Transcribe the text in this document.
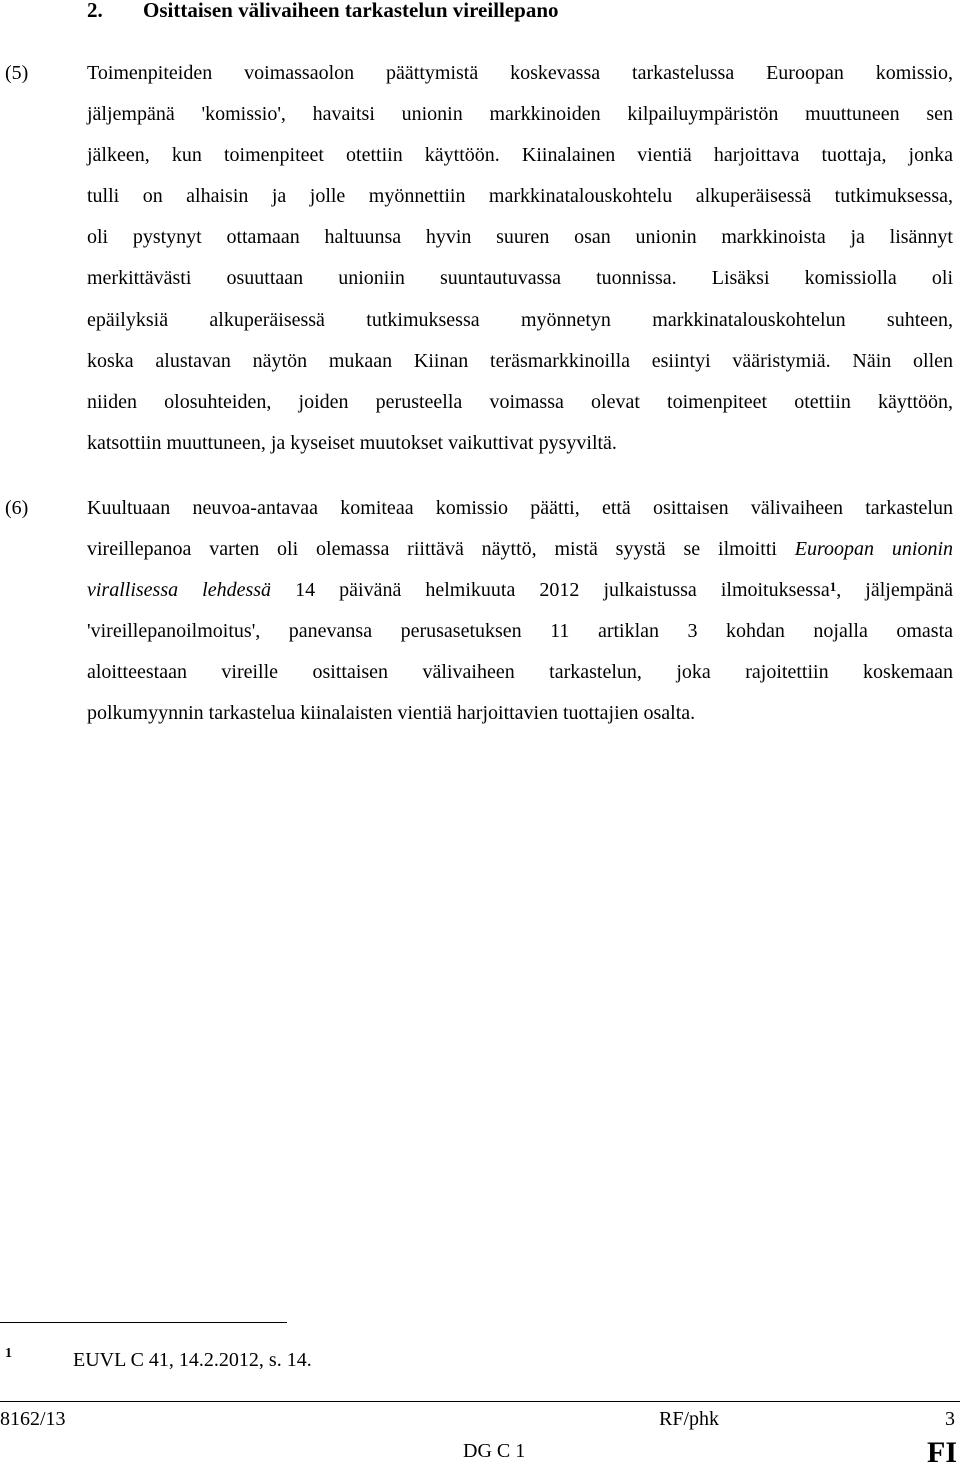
2. Osittaisen välivaiheen tarkastelun vireillepano
(5)	Toimenpiteiden voimassaolon päättymistä koskevassa tarkastelussa Euroopan komissio,
jäljempänä 'komissio', havaitsi unionin markkinoiden kilpailuympäristön muuttuneen sen
jälkeen, kun toimenpiteet otettiin käyttöön. Kiinalainen vientiä harjoittava tuottaja, jonka
tulli on alhaisin ja jolle myönnettiin markkinatalouskohtelu alkuperäisessä tutkimuksessa,
oli pystynyt ottamaan haltuunsa hyvin suuren osan unionin markkinoista ja lisännyt
merkittävästi osuuttaan unioniin suuntautuvassa tuonnissa. Lisäksi komissiolla oli
epäilyksiä alkuperäisessä tutkimuksessa myönnetyn markkinatalouskohtelun suhteen,
koska alustavan näytön mukaan Kiinan teräsmarkkinoilla esiintyi vääristymiä. Näin ollen
niiden olosuhteiden, joiden perusteella voimassa olevat toimenpiteet otettiin käyttöön,
katsottiin muuttuneen, ja kyseiset muutokset vaikuttivat pysyviltä.
(6)	Kuultuaan neuvoa-antavaa komiteaa komissio päätti, että osittaisen välivaiheen tarkastelun
vireillepanoa varten oli olemassa riittävä näyttö, mistä syystä se ilmoitti Euroopan unionin
virallisessa lehdessä 14 päivänä helmikuuta 2012 julkaistussa ilmoituksessa$^1$, jäljempänä
'vireillepanoilmoitus', panevansa perusasetuksen 11 artiklan 3 kohdan nojalla omasta
aloitteestaan vireille osittaisen välivaiheen tarkastelun, joka rajoitettiin koskemaan
polkumyynnin tarkastelua kiinalaisten vientiä harjoittavien tuottajien osalta.
1	EUVL C 41, 14.2.2012, s. 14.
8162/13	RF/phk	3
DG C 1	FI
